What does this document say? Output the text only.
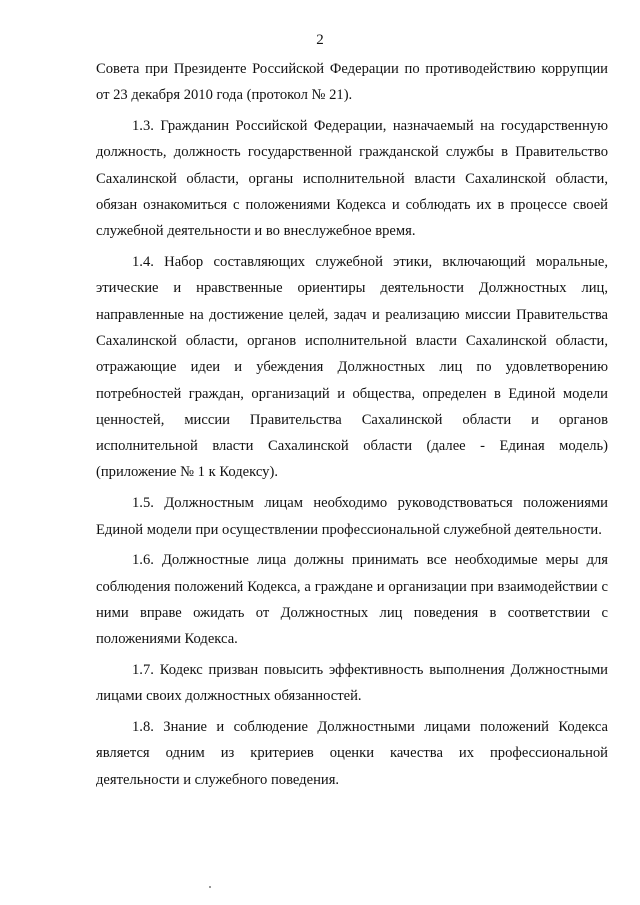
2

Совета при Президенте Российской Федерации по противодействию коррупции от 23 декабря 2010 года (протокол № 21).

1.3. Гражданин Российской Федерации, назначаемый на государственную должность, должность государственной гражданской службы в Правительство Сахалинской области, органы исполнительной власти Сахалинской области, обязан ознакомиться с положениями Кодекса и соблюдать их в процессе своей служебной деятельности и во внеслужебное время.

1.4. Набор составляющих служебной этики, включающий моральные, этические и нравственные ориентиры деятельности Должностных лиц, направленные на достижение целей, задач и реализацию миссии Правительства Сахалинской области, органов исполнительной власти Сахалинской области, отражающие идеи и убеждения Должностных лиц по удовлетворению потребностей граждан, организаций и общества, определен в Единой модели ценностей, миссии Правительства Сахалинской области и органов исполнительной власти Сахалинской области (далее - Единая модель) (приложение № 1 к Кодексу).

1.5. Должностным лицам необходимо руководствоваться положениями Единой модели при осуществлении профессиональной служебной деятельности.

1.6. Должностные лица должны принимать все необходимые меры для соблюдения положений Кодекса, а граждане и организации при взаимодействии с ними вправе ожидать от Должностных лиц поведения в соответствии с положениями Кодекса.

1.7. Кодекс призван повысить эффективность выполнения Должностными лицами своих должностных обязанностей.

1.8. Знание и соблюдение Должностными лицами положений Кодекса является одним из критериев оценки качества их профессиональной деятельности и служебного поведения.
